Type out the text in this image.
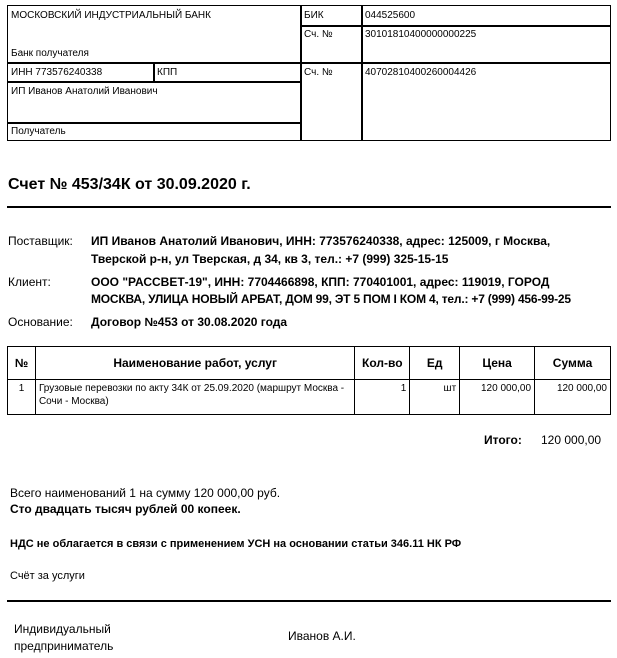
МОСКОВСКИЙ ИНДУСТРИАЛЬНЫЙ БАНК	БИК	044525600
Сч. №	30101810400000000225
Банк получателя
ИНН 773576240338	КПП	Сч. №	40702810400260004426
ИП Иванов Анатолий Иванович
Получатель
Счет № 453/34К от 30.09.2020 г.
Поставщик: ИП Иванов Анатолий Иванович, ИНН: 773576240338, адрес: 125009, г Москва,
Тверской р-н, ул Тверская, д 34, кв 3, тел.: +7 (999) 325-15-15
Клиент:	ООО "РАССВЕТ-19", ИНН: 7704466898, КПП: 770401001, адрес: 119019, ГОРОД
МОСКВА, УЛИЦА НОВЫЙ АРБАТ, ДОМ 99, ЭТ 5 ПОМ I КОМ 4, тел.: +7 (999) 456-99-25
Основание: Договор №453 от 30.08.2020 года
№	Наименование работ, услуг	Кол-во	Ед	Цена	Сумма
1	Грузовые перевозки по акту 34К от 25.09.2020 (маршрут Москва - Сочи - Москва)	1	шт	120 000,00	120 000,00
Итого: 120 000,00
Всего наименований 1 на сумму 120 000,00 руб.
Сто двадцать тысяч рублей 00 копеек.
НДС не облагается в связи с применением УСН на основании статьи 346.11 НК РФ
Счёт за услуги
Индивидуальный
предприниматель
Иванов А.И.
